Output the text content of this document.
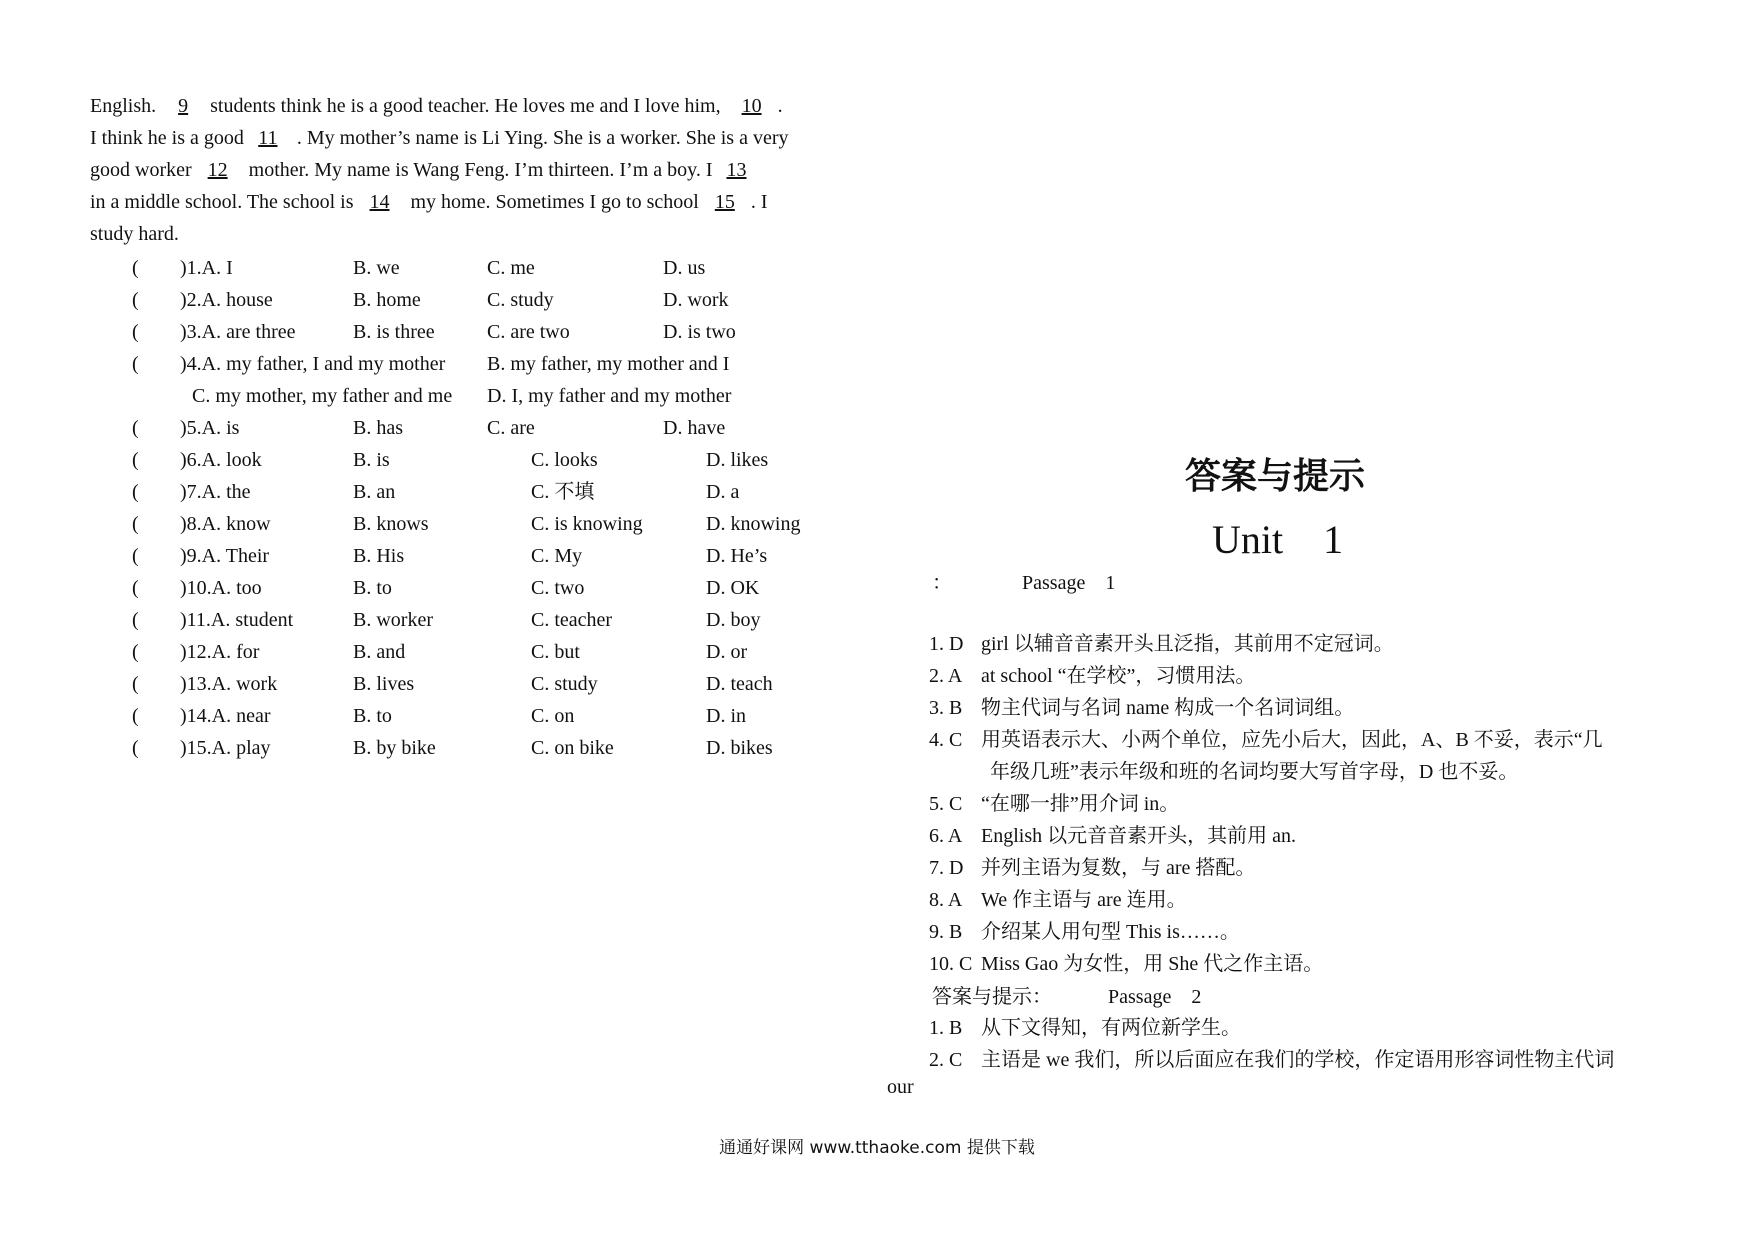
English. 9 students think he is a good teacher. He loves me and I love him, 10 .
I think he is a good 11 . My mother’s name is Li Ying. She is a worker. She is a very
good worker 12 mother. My name is Wang Feng. I’m thirteen. I’m a boy. I 13
in a middle school. The school is 14 my home. Sometimes I go to school 15 . I
study hard.
( )1.A. I	B. we	C. me	D. us
( )2.A. house	B. home	C. study	D. work
( )3.A. are three	B. is three	C. are two	D. is two
( )4.A. my father, I and my mother B. my father, my mother and I
C. my mother, my father and me D. I, my father and my mother
( )5.A. is	B. has	C. are	D. have
( )6.A. look	B. is	C. looks	D. likes
( )7.A. the	B. an	C. 不填	D. a
( )8.A. know	B. knows	C. is knowing	D. knowing
( )9.A. Their	B. His	C. My	D. He’s
( )10.A. too	B. to	C. two	D. OK
( )11.A. student	B. worker	C. teacher	D. boy
( )12.A. for	B. and	C. but	D. or
( )13.A. work	B. lives	C. study	D. teach
( )14.A. near	B. to	C. on	D. in
( )15.A. play	B. by bike	C. on bike	D. bikes
答案与提示
Unit　1
：	Passage　1
1. D girl 以辅音音素开头且泛指，其前用不定冠词。
2. A at school “在学校”，习惯用法。
3. B 物主代词与名词 name 构成一个名词词组。
4. C 用英语表示大、小两个单位，应先小后大，因此，A、B 不妥，表示“几
5. C “在哪一排”用介词 in。
6. A English 以元音音素开头，其前用 an.
7. D 并列主语为复数，与 are 搭配。
8. A We 作主语与 are 连用。
9. B 介绍某人用句型 This is……。
10. C Miss Gao 为女性，用 She 代之作主语。
年级几班”表示年级和班的名词均要大写首字母，D 也不妥。
答案与提示：	Passage　2
1. B 从下文得知，有两位新学生。
2. C 主语是 we 我们，所以后面应在我们的学校，作定语用形容词性物主代词
our
通通好课网 www.tthaoke.com 提供下载
